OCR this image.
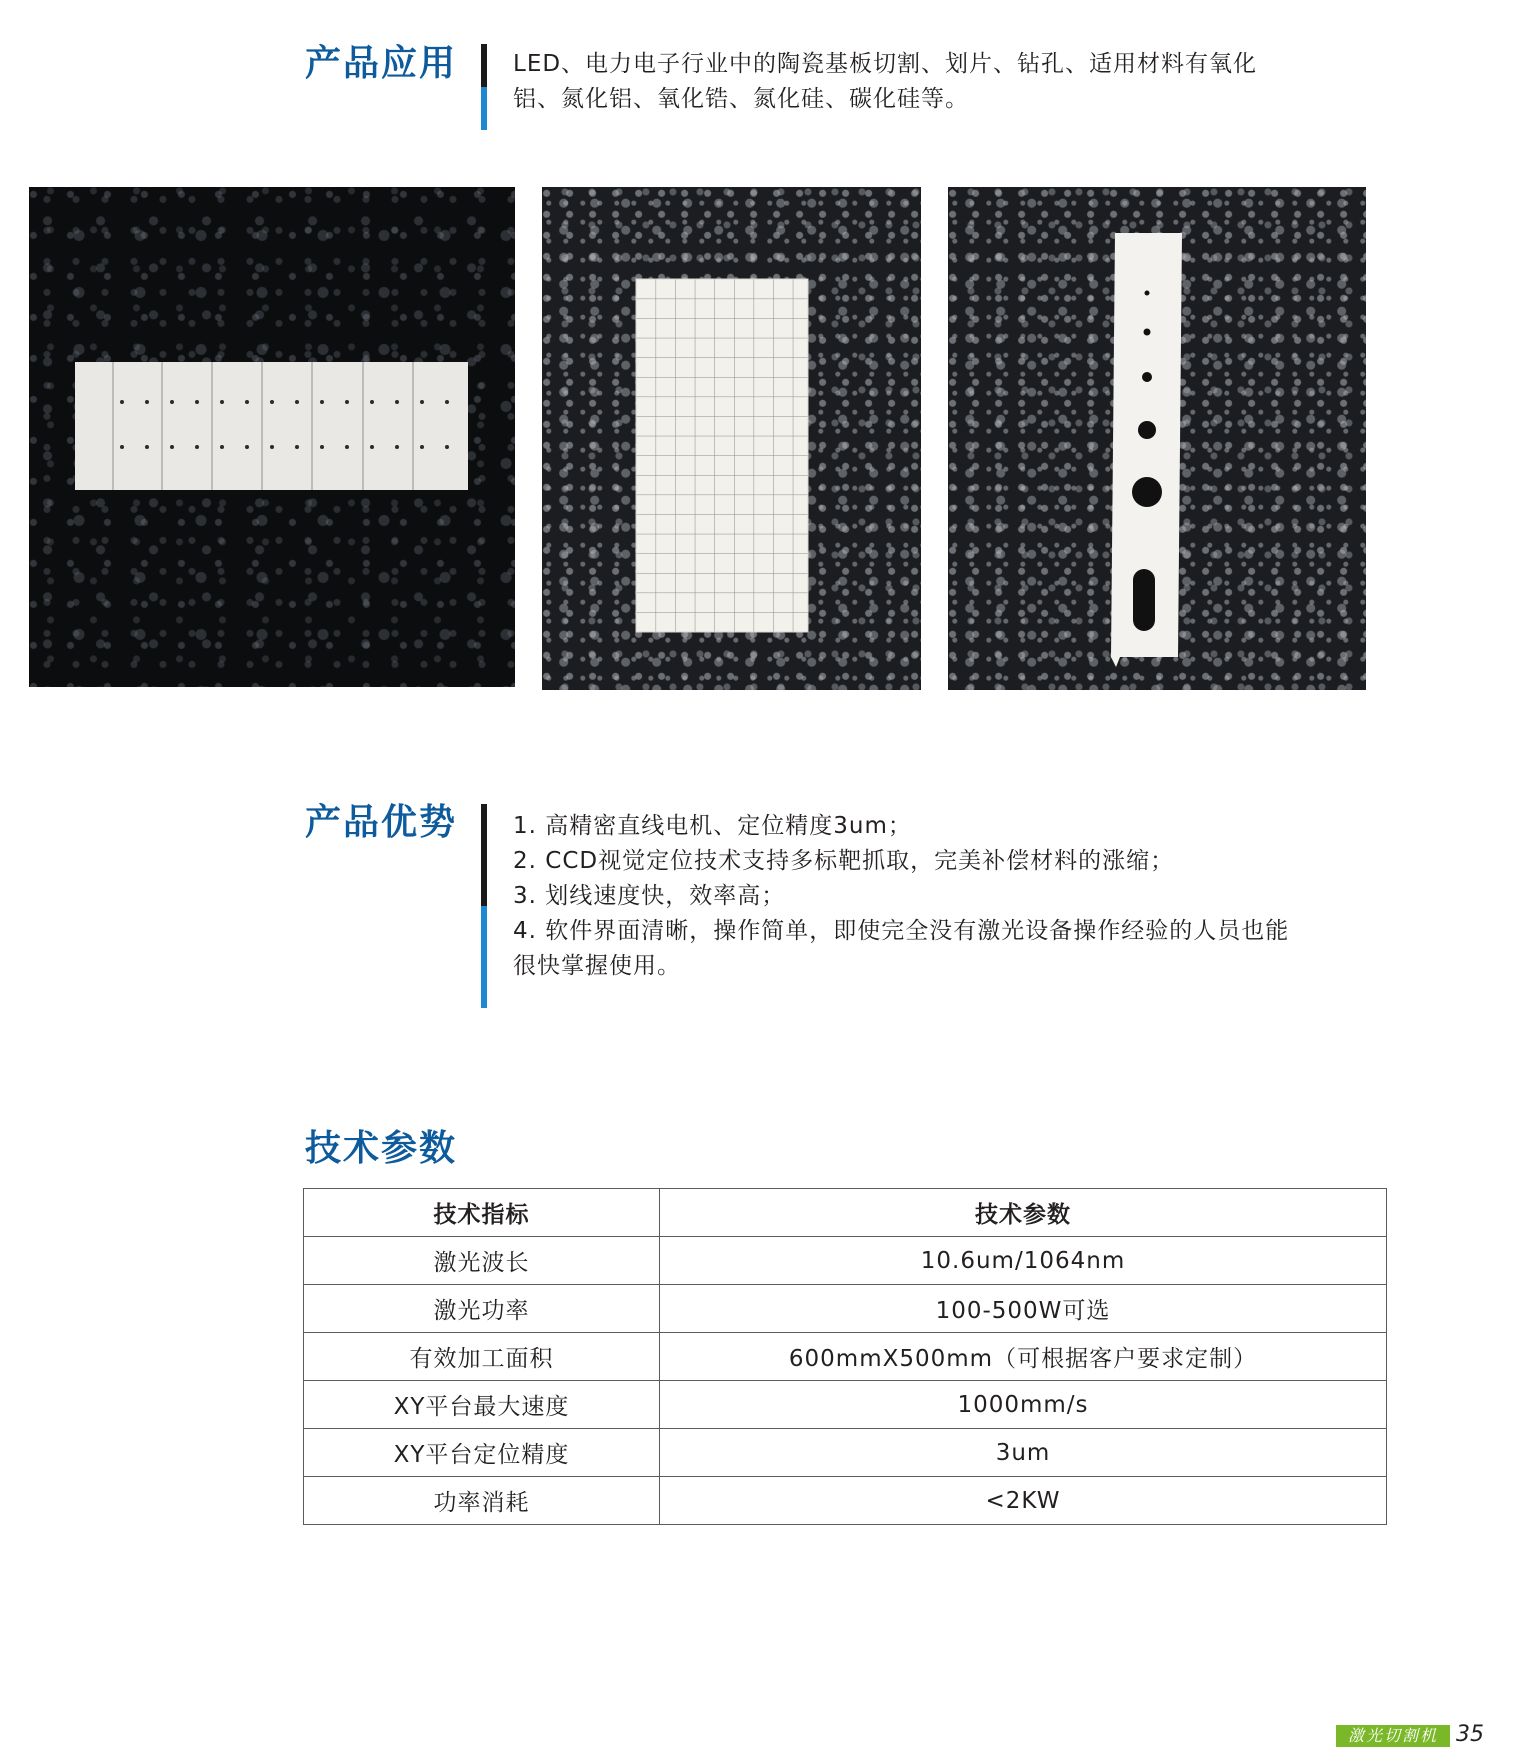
产品应用 LED、电力电子行业中的陶瓷基板切割、划片、钻孔、适用材料有氧化

铝、氮化铝、氧化锆、氮化硅、碳化硅等。

产品优势 1. 高精密直线电机、定位精度3um；

2. CCD视觉定位技术支持多标靶抓取，完美补偿材料的涨缩；

3. 划线速度快，效率高；

4. 软件界面清晰，操作简单，即使完全没有激光设备操作经验的人员也能

很快掌握使用。

技术参数
技术指标	技术参数
激光波长	10.6um/1064nm
激光功率	100-500W可选
有效加工面积	600mmX500mm（可根据客户要求定制）
XY平台最大速度	1000mm/s
XY平台定位精度	3um
功率消耗	<2KW
激光切割机 35
